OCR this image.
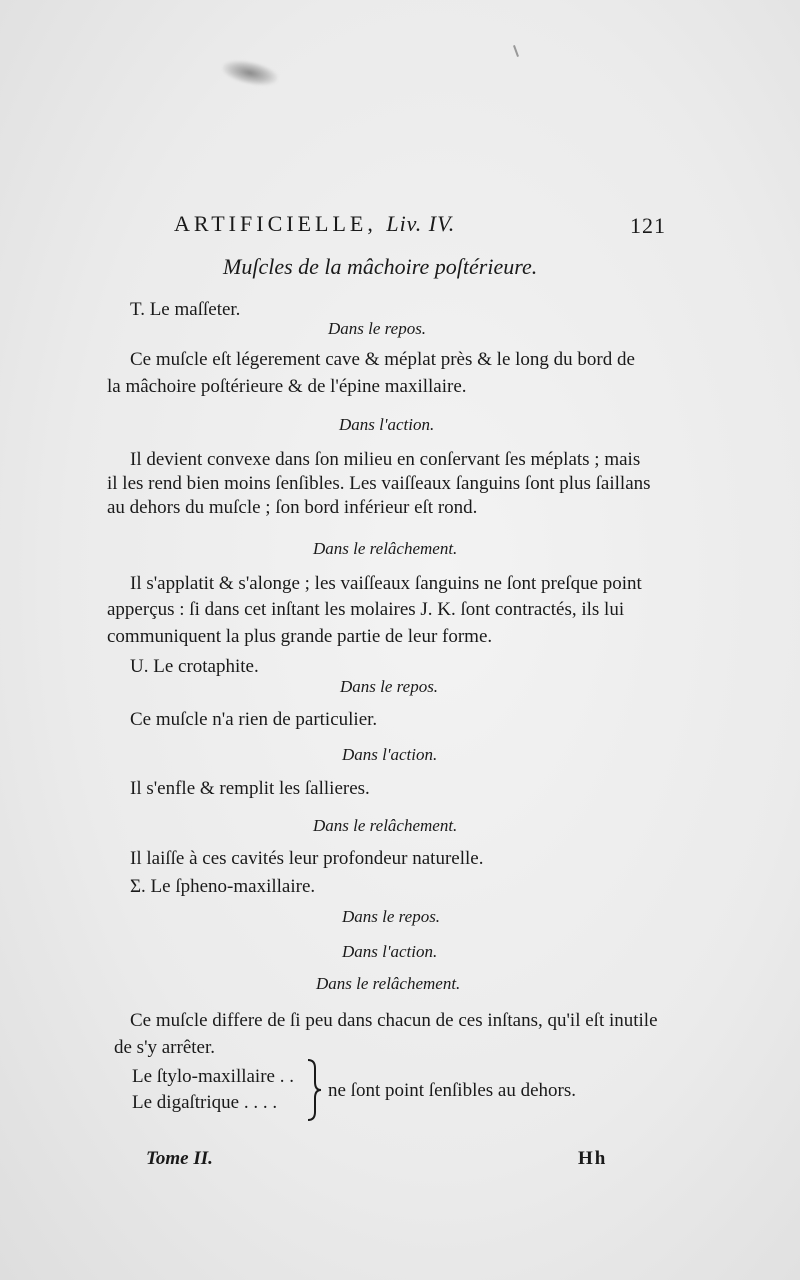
ARTIFICIELLE, Liv. IV.	121
Muſcles de la mâchoire poſtérieure.
T. Le maſſeter.
Dans le repos.
Ce muſcle eſt légerement cave & méplat près & le long du bord de
la mâchoire poſtérieure & de l'épine maxillaire.
Dans l'action.
Il devient convexe dans ſon milieu en conſervant ſes méplats ; mais
il les rend bien moins ſenſibles. Les vaiſſeaux ſanguins ſont plus ſaillans
au dehors du muſcle ; ſon bord inférieur eſt rond.
Dans le relâchement.
Il s'applatit & s'alonge ; les vaiſſeaux ſanguins ne ſont preſque point
apperçus : ſi dans cet inſtant les molaires J. K. ſont contractés, ils lui
communiquent la plus grande partie de leur forme.
U. Le crotaphite.
Dans le repos.
Ce muſcle n'a rien de particulier.
Dans l'action.
Il s'enfle & remplit les ſallieres.
Dans le relâchement.
Il laiſſe à ces cavités leur profondeur naturelle.
Σ. Le ſpheno-maxillaire.
Dans le repos.
Dans l'action.
Dans le relâchement.
Ce muſcle differe de ſi peu dans chacun de ces inſtans, qu'il eſt inutile
de s'y arrêter.
Le ſtylo-maxillaire . .
Le digaſtrique . . . .
ne ſont point ſenſibles au dehors.
Tome II.	Hh
